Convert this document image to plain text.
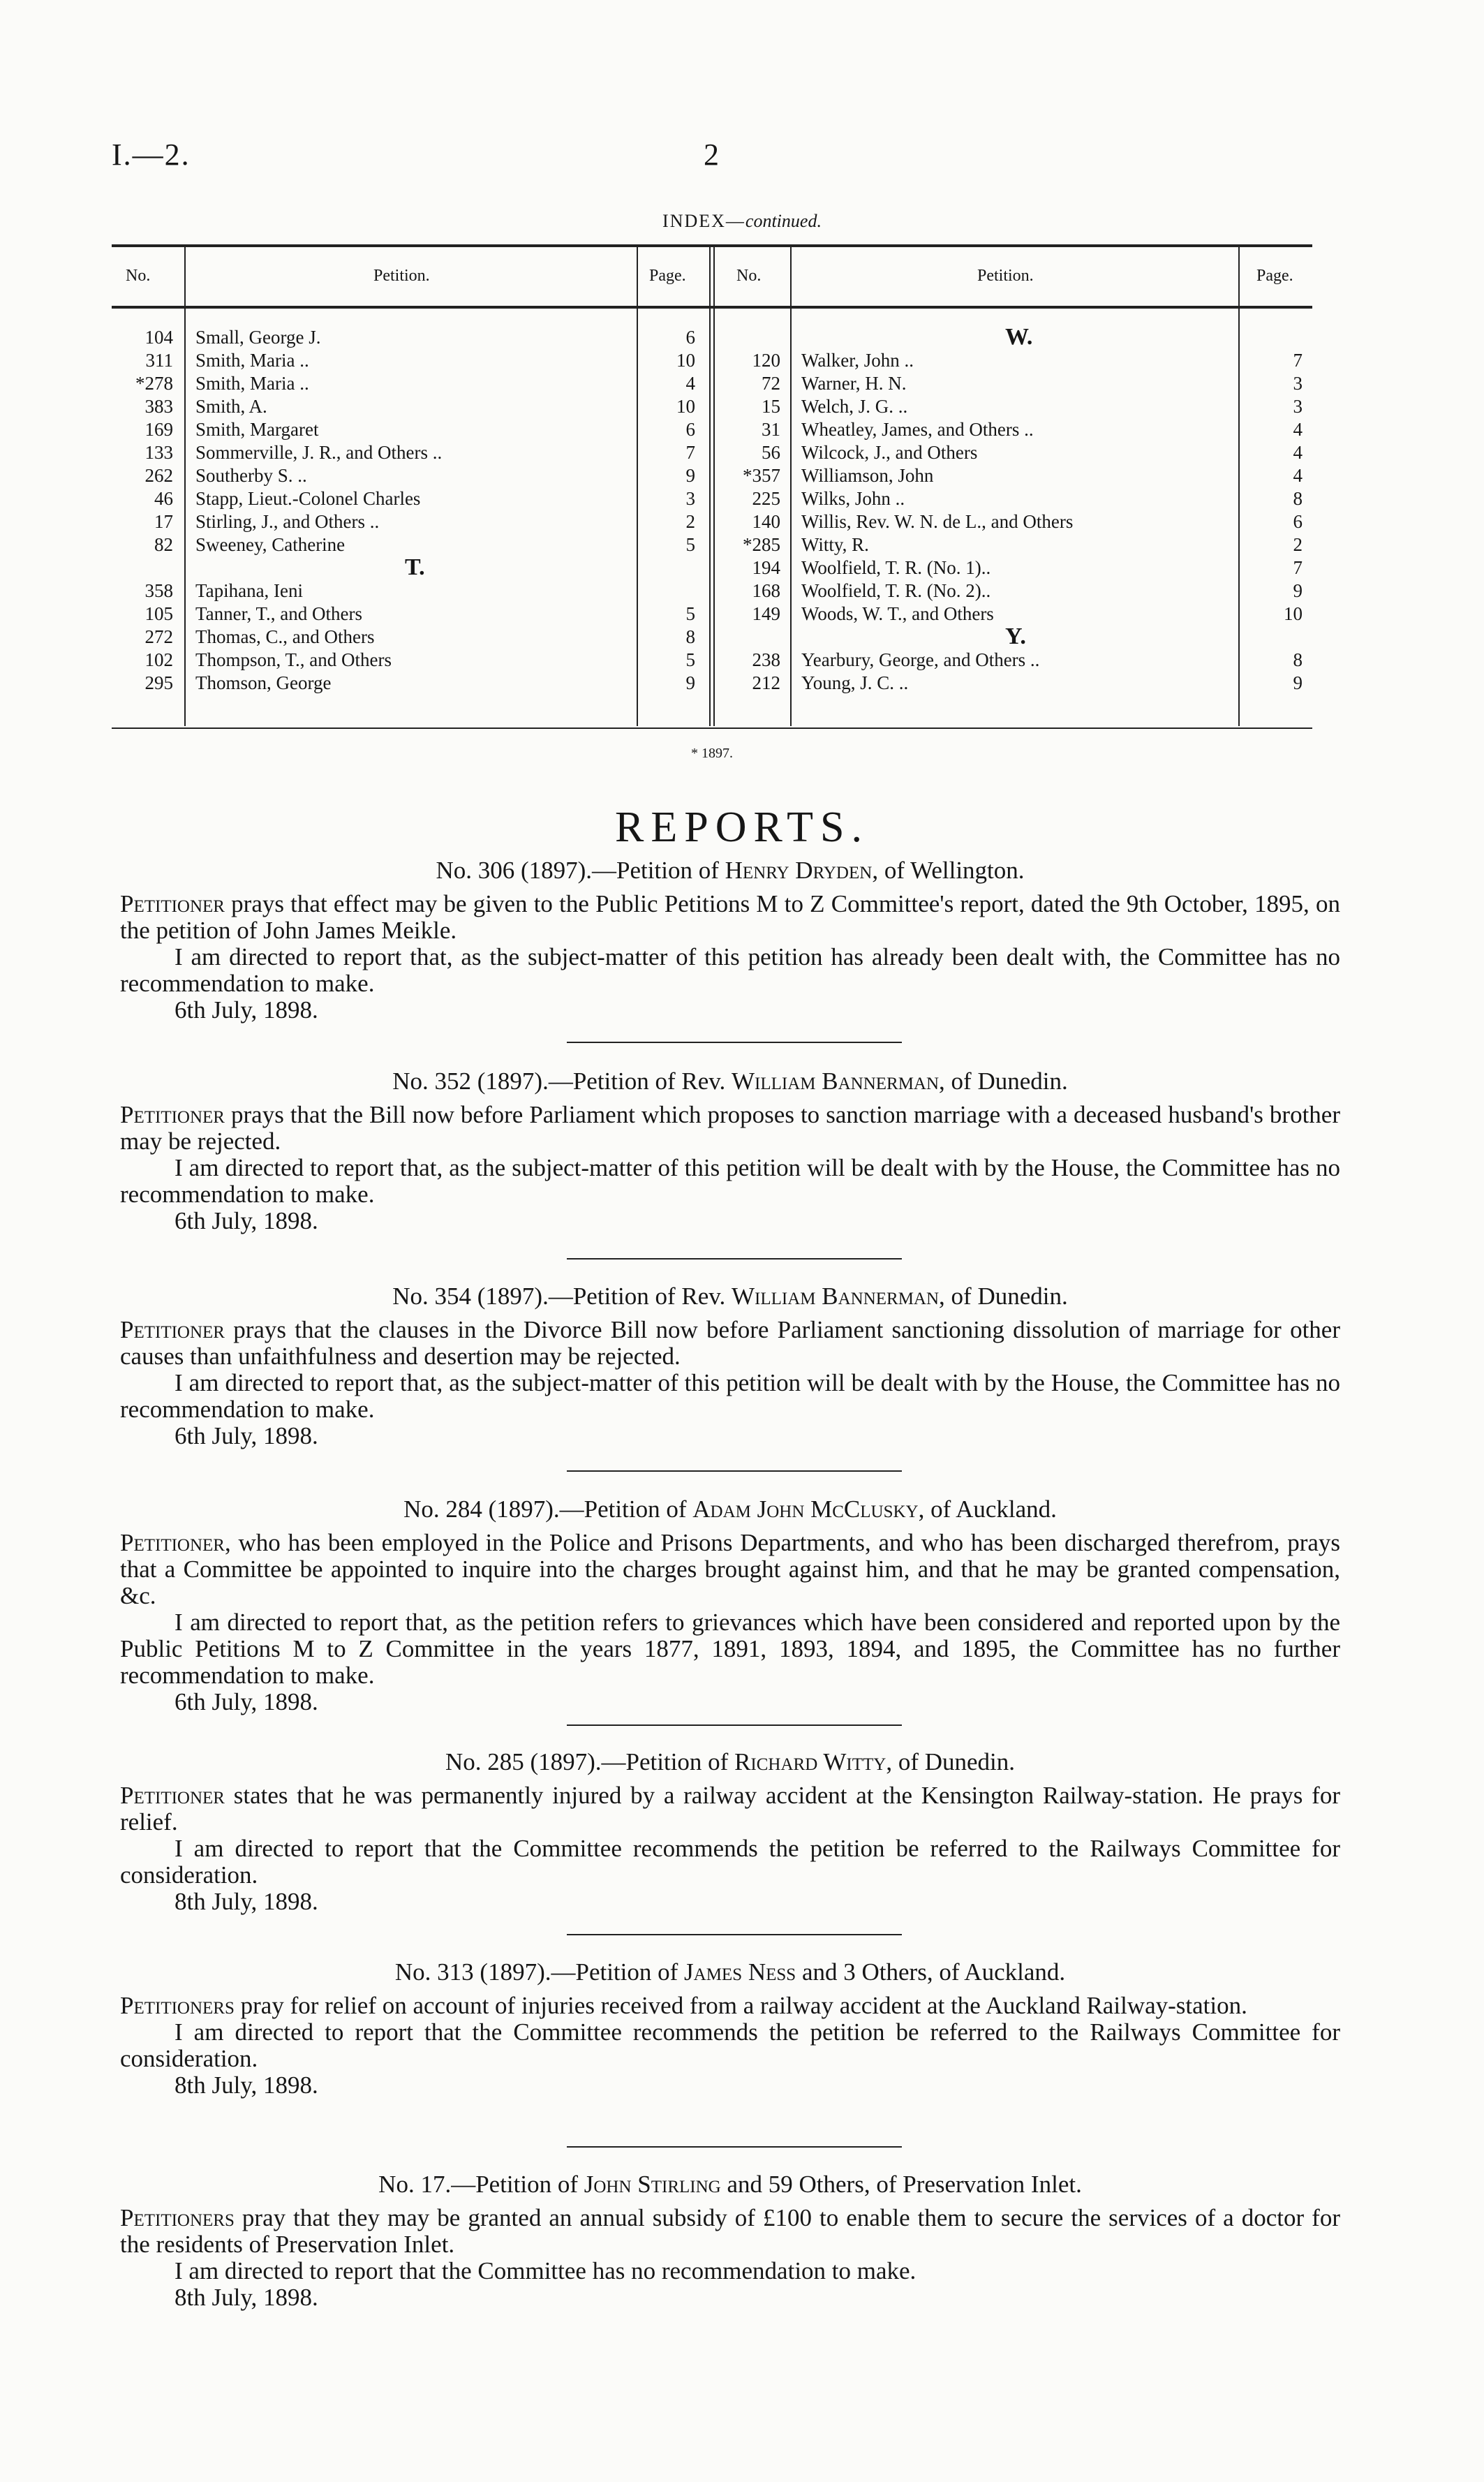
I.—2.	2
INDEX—continued.
No.	Petition.	Page.	No.	Petition.	Page.
104 Small, George J.	6
311 Smith, Maria ..	10
*278 Smith, Maria ..	4
383 Smith, A.	10
169 Smith, Margaret	6
133 Sommerville, J. R., and Others ..	7
262 Southerby S. ..	9
46 Stapp, Lieut.-Colonel Charles	3
17 Stirling, J., and Others ..	2
82 Sweeney, Catherine	5
T.
358 Tapihana, Ieni
105 Tanner, T., and Others	5
272 Thomas, C., and Others	8
102 Thompson, T., and Others	5
295 Thomson, George	9
W.
120 Walker, John ..	7
72 Warner, H. N.	3
15 Welch, J. G. ..	3
31 Wheatley, James, and Others ..	4
56 Wilcock, J., and Others	4
*357 Williamson, John	4
225 Wilks, John ..	8
140 Willis, Rev. W. N. de L., and Others	6
*285 Witty, R.	2
194 Woolfield, T. R. (No. 1)..	7
168 Woolfield, T. R. (No. 2)..	9
149 Woods, W. T., and Others	10
Y.
238 Yearbury, George, and Others ..	8
212 Young, J. C. ..	9
* 1897.
REPORTS.
No. 306 (1897).—Petition of Henry Dryden, of Wellington.
Petitioner prays that effect may be given to the Public Petitions M to Z Committee's report, dated the 9th October, 1895, on the petition of John James Meikle.
I am directed to report that, as the subject-matter of this petition has already been dealt with, the Committee has no recommendation to make.
6th July, 1898.
No. 352 (1897).—Petition of Rev. William Bannerman, of Dunedin.
Petitioner prays that the Bill now before Parliament which proposes to sanction marriage with a deceased husband's brother may be rejected.
I am directed to report that, as the subject-matter of this petition will be dealt with by the House, the Committee has no recommendation to make.
6th July, 1898.
No. 354 (1897).—Petition of Rev. William Bannerman, of Dunedin.
Petitioner prays that the clauses in the Divorce Bill now before Parliament sanctioning dissolution of marriage for other causes than unfaithfulness and desertion may be rejected.
I am directed to report that, as the subject-matter of this petition will be dealt with by the House, the Committee has no recommendation to make.
6th July, 1898.
No. 284 (1897).—Petition of Adam John McClusky, of Auckland.
Petitioner, who has been employed in the Police and Prisons Departments, and who has been discharged therefrom, prays that a Committee be appointed to inquire into the charges brought against him, and that he may be granted compensation, &c.
I am directed to report that, as the petition refers to grievances which have been considered and reported upon by the Public Petitions M to Z Committee in the years 1877, 1891, 1893, 1894, and 1895, the Committee has no further recommendation to make.
6th July, 1898.
No. 285 (1897).—Petition of Richard Witty, of Dunedin.
Petitioner states that he was permanently injured by a railway accident at the Kensington Railway-station. He prays for relief.
I am directed to report that the Committee recommends the petition be referred to the Railways Committee for consideration.
8th July, 1898.
No. 313 (1897).—Petition of James Ness and 3 Others, of Auckland.
Petitioners pray for relief on account of injuries received from a railway accident at the Auckland Railway-station.
I am directed to report that the Committee recommends the petition be referred to the Railways Committee for consideration.
8th July, 1898.
No. 17.—Petition of John Stirling and 59 Others, of Preservation Inlet.
Petitioners pray that they may be granted an annual subsidy of £100 to enable them to secure the services of a doctor for the residents of Preservation Inlet.
I am directed to report that the Committee has no recommendation to make.
8th July, 1898.
